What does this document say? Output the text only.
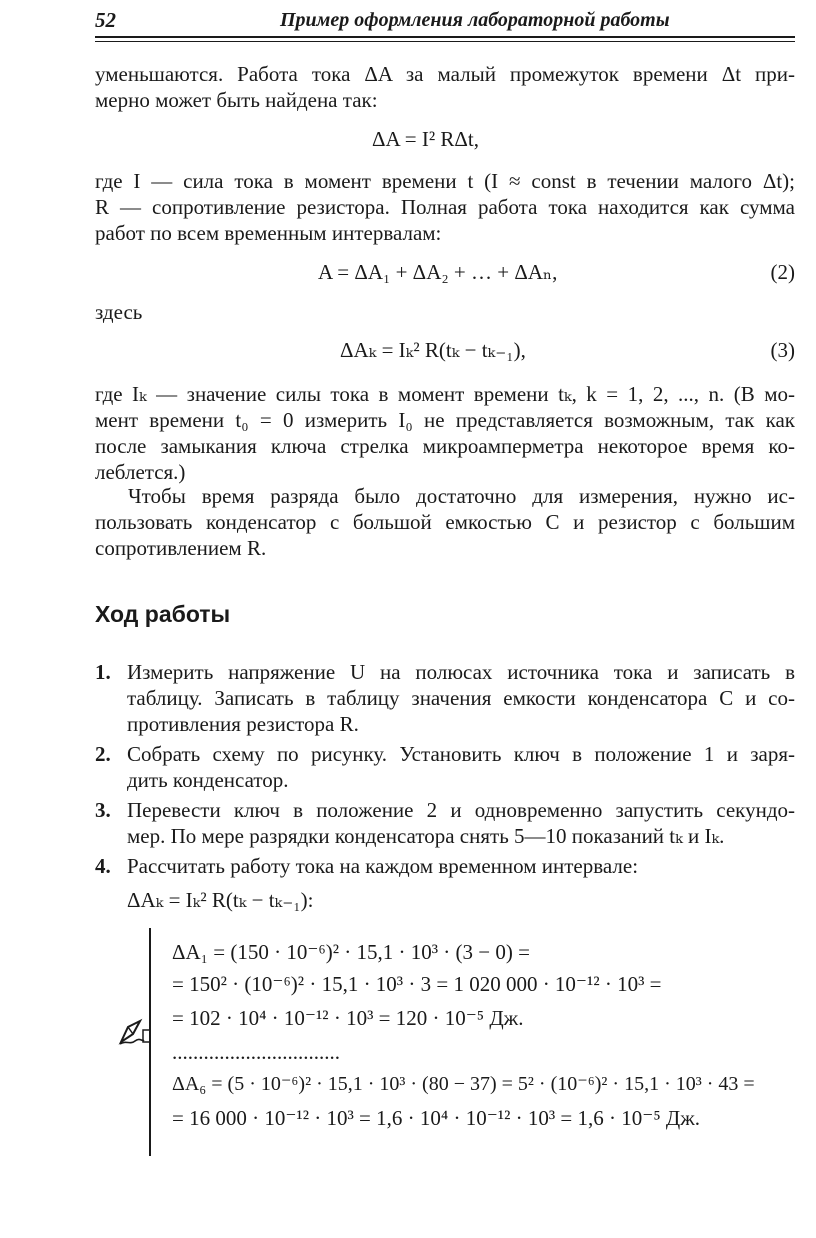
52	Пример оформления лабораторной работы
уменьшаются. Работа тока ΔA за малый промежуток времени Δt при-
мерно может быть найдена так:
ΔA = I² RΔt,
где I — сила тока в момент времени t (I ≈ const в течении малого Δt);
R — сопротивление резистора. Полная работа тока находится как сумма
работ по всем временным интервалам:
A = ΔA₁ + ΔA₂ + … + ΔAₙ,	(2)
здесь
ΔAₖ = Iₖ² R(tₖ − tₖ₋₁),	(3)
где Iₖ — значение силы тока в момент времени tₖ, k = 1, 2, ..., n. (В мо-
мент времени t₀ = 0 измерить I₀ не представляется возможным, так как
после замыкания ключа стрелка микроамперметра некоторое время ко-
леблется.)
Чтобы время разряда было достаточно для измерения, нужно ис-
пользовать конденсатор с большой емкостью C и резистор с большим
сопротивлением R.
Ход работы
1. Измерить напряжение U на полюсах источника тока и записать в
таблицу. Записать в таблицу значения емкости конденсатора C и со-
противления резистора R.
2. Собрать схему по рисунку. Установить ключ в положение 1 и заря-
дить конденсатор.
3. Перевести ключ в положение 2 и одновременно запустить секундо-
мер. По мере разрядки конденсатора снять 5—10 показаний tₖ и Iₖ.
4. Рассчитать работу тока на каждом временном интервале:
ΔAₖ = Iₖ² R(tₖ − tₖ₋₁):
ΔA₁ = (150 · 10⁻⁶)² · 15,1 · 10³ · (3 − 0) =
= 150² · (10⁻⁶)² · 15,1 · 10³ · 3 = 1 020 000 · 10⁻¹² · 10³ =
= 102 · 10⁴ · 10⁻¹² · 10³ = 120 · 10⁻⁵ Дж.
................................
ΔA₆ = (5 · 10⁻⁶)² · 15,1 · 10³ · (80 − 37) = 5² · (10⁻⁶)² · 15,1 · 10³ · 43 =
= 16 000 · 10⁻¹² · 10³ = 1,6 · 10⁴ · 10⁻¹² · 10³ = 1,6 · 10⁻⁵ Дж.
